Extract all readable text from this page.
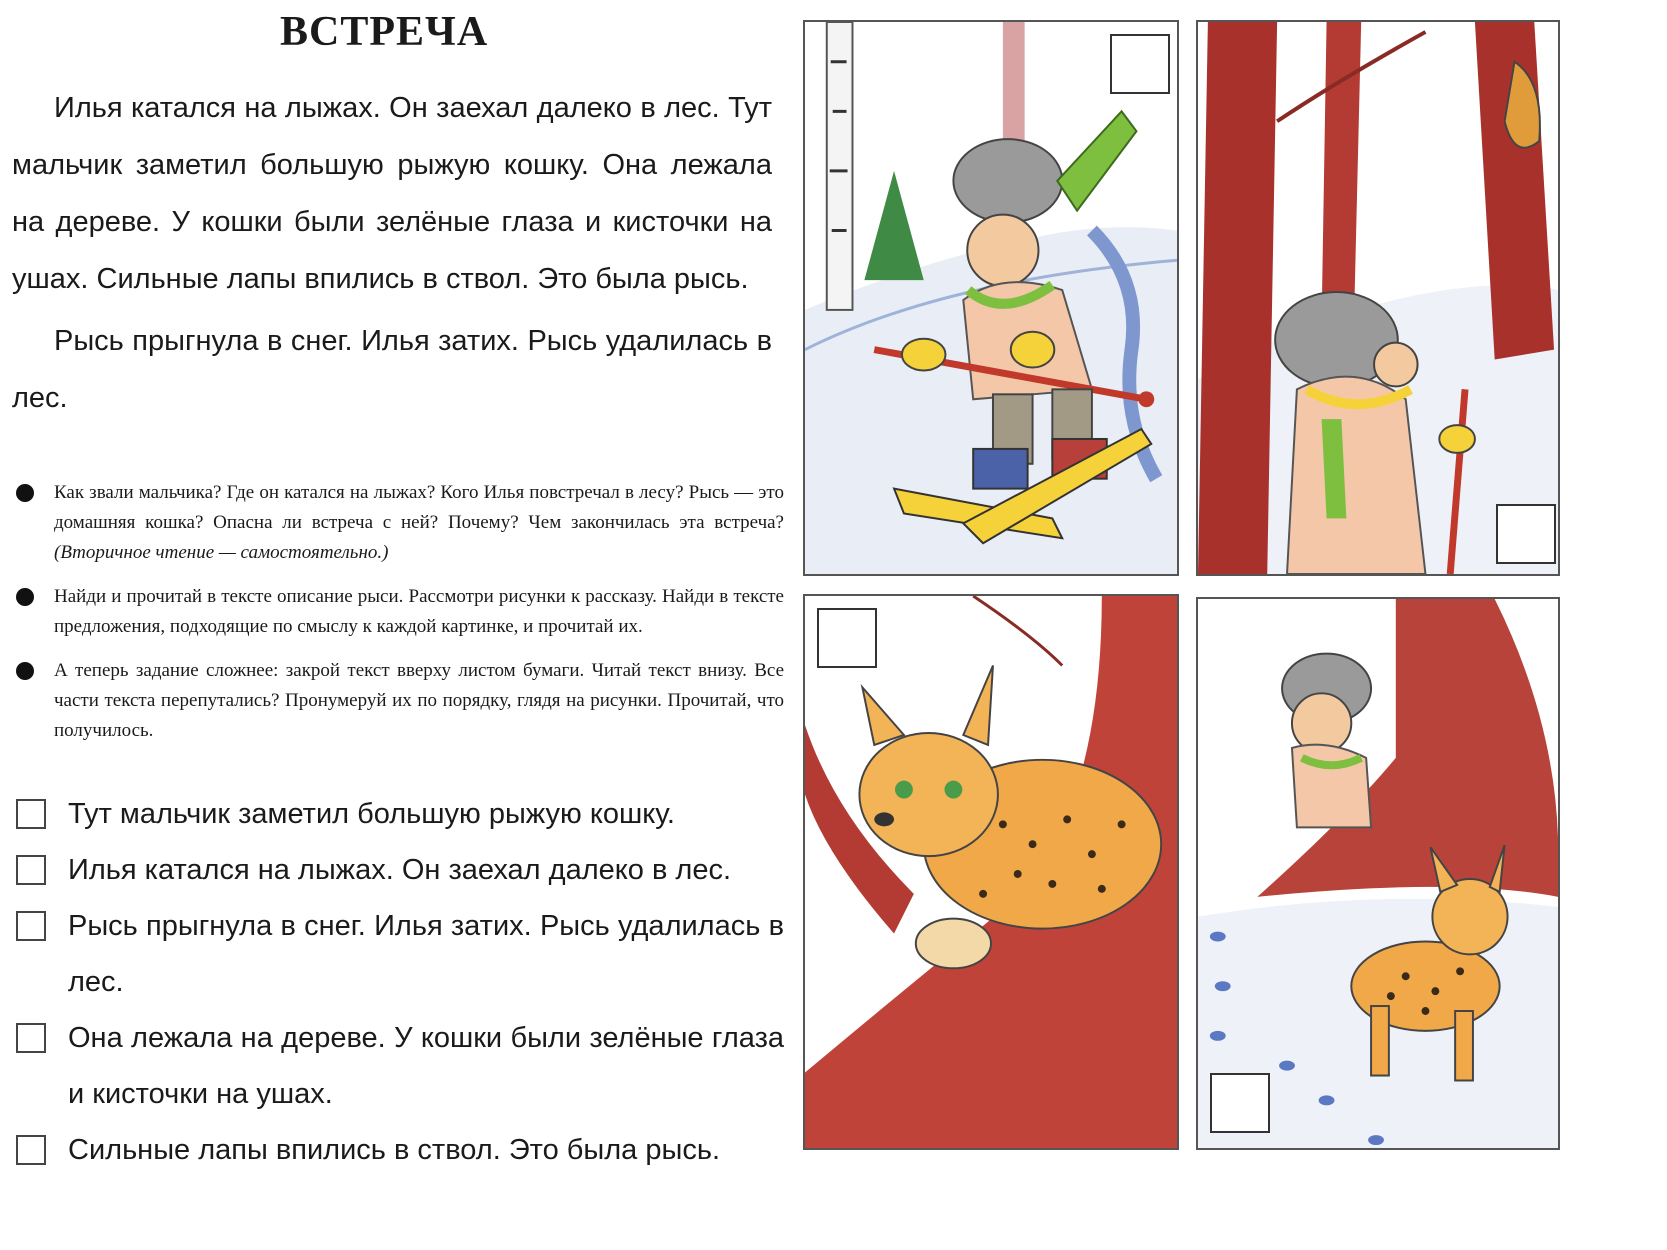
ВСТРЕЧА

Илья катался на лыжах. Он заехал далеко в лес. Тут мальчик заметил большую рыжую кошку. Она лежала на дереве. У кошки были зелёные глаза и кисточки на ушах. Сильные лапы впились в ствол. Это была рысь.

Рысь прыгнула в снег. Илья затих. Рысь удалилась в лес.

Как звали мальчика? Где он катался на лыжах? Кого Илья повстречал в лесу? Рысь — это домашняя кошка? Опасна ли встреча с ней? Почему? Чем закончилась эта встреча? (Вторичное чтение — самостоятельно.)
Найди и прочитай в тексте описание рыси. Рассмотри рисунки к рассказу. Найди в тексте предложения, подходящие по смыслу к каждой картинке, и прочитай их.
А теперь задание сложнее: закрой текст вверху листом бумаги. Читай текст внизу. Все части текста перепутались? Пронумеруй их по порядку, глядя на рисунки. Прочитай, что получилось.
Тут мальчик заметил большую рыжую кошку.
Илья катался на лыжах. Он заехал далеко в лес.
Рысь прыгнула в снег. Илья затих. Рысь удалилась в лес.
Она лежала на дереве. У кошки были зелёные глаза и кисточки на ушах.
Сильные лапы впились в ствол. Это была рысь.
